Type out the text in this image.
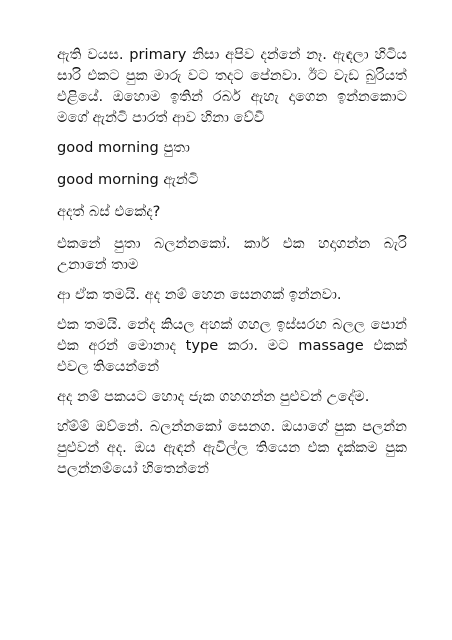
ඇති වයස. primary නිසා අපිව දන්නේ නෑ. ඇඳලා හිටිය සාරි එකට පුක මාරු වට තදට පේනවා. ඊට වැඩ බුරියත් එළියේ. ඔහොම ඉතින් රබර් ඇහැ දාගෙන ඉන්නකොට මගේ ඇන්ටි පාරත් ආව හිනා වේවී

good morning පුතා

good morning ඇන්ටි

අදත් බස් එකේද?

එකනේ පුතා බලන්නකෝ. කාර් එක හදාගන්න බැරි උනානේ තාම

ආ ඒක තමයි. අද නම් හෙන සෙනගක් ඉන්නවා.

එක තමයි. නේද කියල අහක් ගහල ඉස්සරහ බලල පොන් එක අරන් මොනාද type කරා. මට massage එකක් එවල තියෙන්නේ

අද නම් පකයට හොද ජැක ගහගන්න පුළුවන් උදේම.

හ්ම්ම් ඔව්නේ. බලන්නකෝ සෙනග. ඔයාගේ පුක පලන්න පුළුවන් අද. ඔය ඇඳන් ඇවිල්ල තියෙන එක දැක්කම පුක පලන්නම්යෝ හිතෙන්නේ
